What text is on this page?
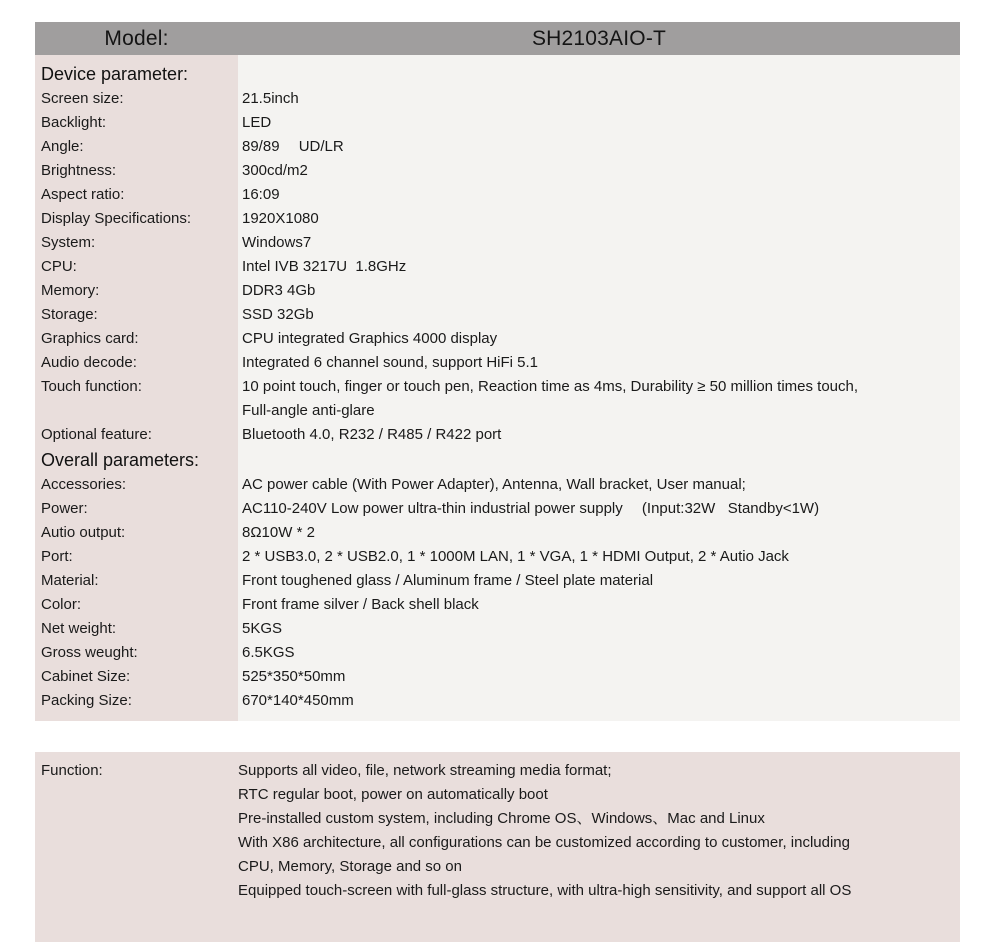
Model:	SH2103AIO-T
Device parameter:
Screen size:
Backlight:
Angle:
Brightness:
Aspect ratio:
Display Specifications:
System:
CPU:
Memory:
Storage:
Graphics card:
Audio decode:
Touch function:
Optional feature:
Overall parameters:
Accessories:
Power:
Autio output:
Port:
Material:
Color:
Net weight:
Gross weught:
Cabinet Size:
Packing Size:

21.5inch
LED
89/89  UD/LR
300cd/m2
16:09
1920X1080
Windows7
Intel IVB 3217U  1.8GHz
DDR3 4Gb
SSD 32Gb
CPU integrated Graphics 4000 display
Integrated 6 channel sound, support HiFi 5.1
10 point touch, finger or touch pen, Reaction time as 4ms, Durability ≥ 50 million times touch,
Full-angle anti-glare
Bluetooth 4.0, R232 / R485 / R422 port

AC power cable (With Power Adapter), Antenna, Wall bracket, User manual;
AC110-240V Low power ultra-thin industrial power supply  (Input:32W   Standby<1W)
8Ω10W * 2
2 * USB3.0, 2 * USB2.0, 1 * 1000M LAN, 1 * VGA, 1 * HDMI Output, 2 * Autio Jack
Front toughened glass / Aluminum frame / Steel plate material
Front frame silver / Back shell black
5KGS
6.5KGS
525*350*50mm
670*140*450mm
Function:	Supports all video, file, network streaming media format;
RTC regular boot, power on automatically boot
Pre-installed custom system, including Chrome OS、Windows、Mac and Linux
With X86 architecture, all configurations can be customized according to customer, including
CPU, Memory, Storage and so on
Equipped touch-screen with full-glass structure, with ultra-high sensitivity, and support all OS
